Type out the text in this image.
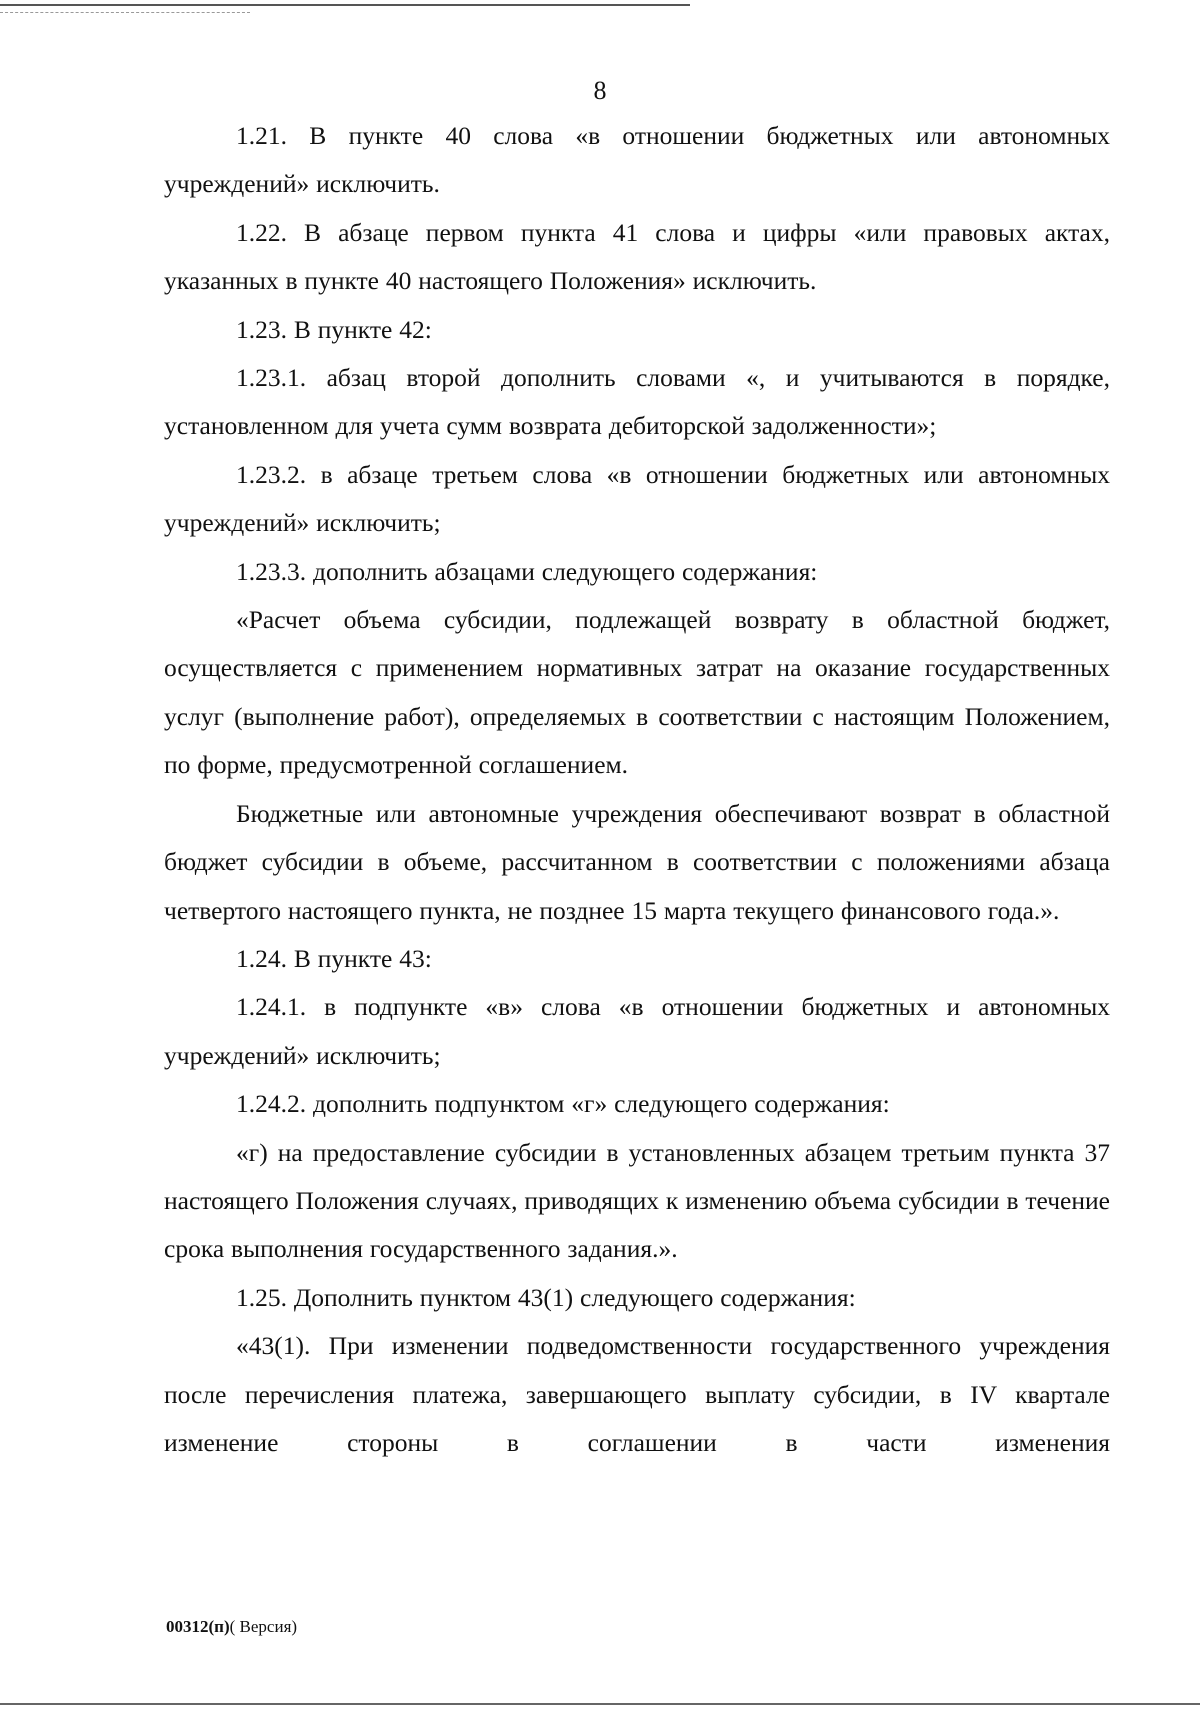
8

1.21. В пункте 40 слова «в отношении бюджетных или автономных учреждений» исключить.

1.22. В абзаце первом пункта 41 слова и цифры «или правовых актах, указанных в пункте 40 настоящего Положения» исключить.

1.23. В пункте 42:

1.23.1. абзац второй дополнить словами «, и учитываются в порядке, установленном для учета сумм возврата дебиторской задолженности»;

1.23.2. в абзаце третьем слова «в отношении бюджетных или автономных учреждений» исключить;

1.23.3. дополнить абзацами следующего содержания:

«Расчет объема субсидии, подлежащей возврату в областной бюджет, осуществляется с применением нормативных затрат на оказание государственных услуг (выполнение работ), определяемых в соответствии с настоящим Положением, по форме, предусмотренной соглашением.

Бюджетные или автономные учреждения обеспечивают возврат в областной бюджет субсидии в объеме, рассчитанном в соответствии с положениями абзаца четвертого настоящего пункта, не позднее 15 марта текущего финансового года.».

1.24. В пункте 43:

1.24.1. в подпункте «в» слова «в отношении бюджетных и автономных учреждений» исключить;

1.24.2. дополнить подпунктом «г» следующего содержания:

«г) на предоставление субсидии в установленных абзацем третьим пункта 37 настоящего Положения случаях, приводящих к изменению объема субсидии в течение срока выполнения государственного задания.».

1.25. Дополнить пунктом 43(1) следующего содержания:

«43(1). При изменении подведомственности государственного учреждения после перечисления платежа, завершающего выплату субсидии, в IV квартале изменение стороны в соглашении в части изменения

00312(п)( Версия)
